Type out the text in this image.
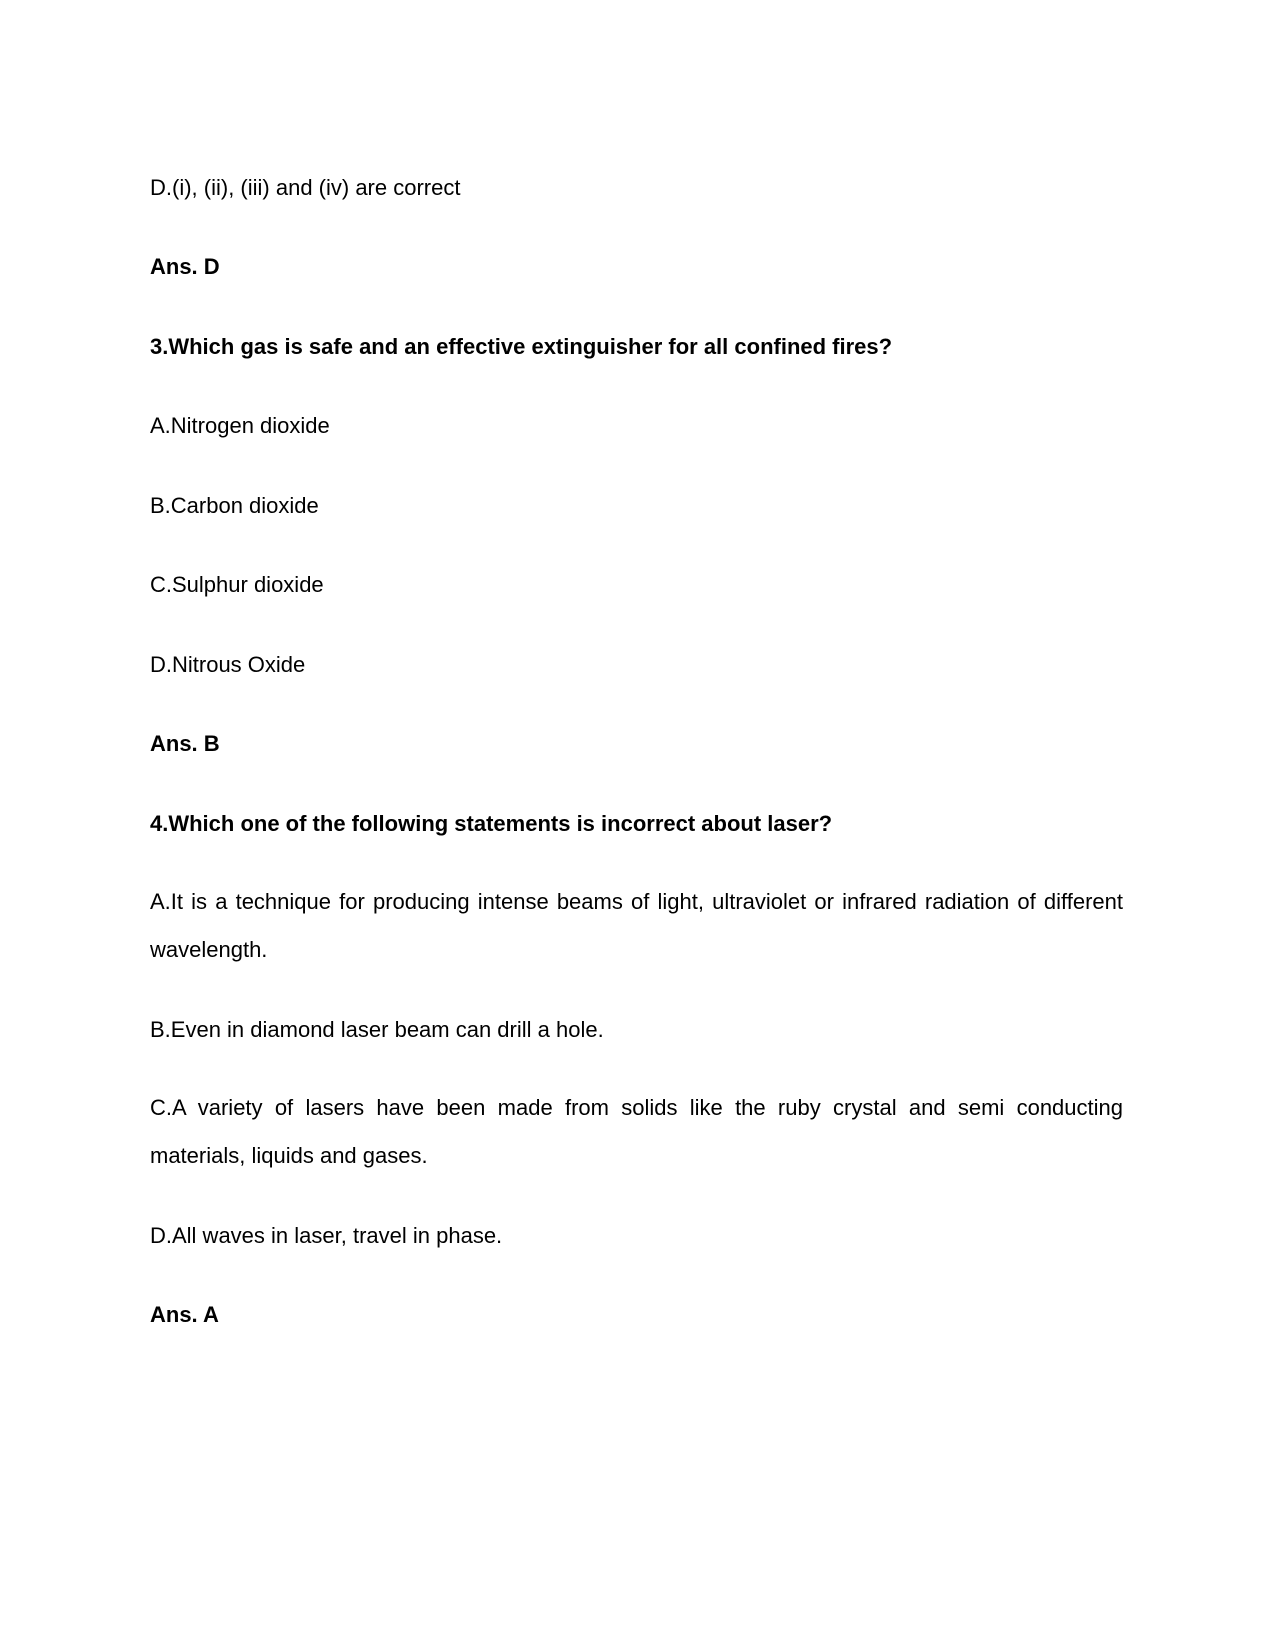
D.(i), (ii), (iii) and (iv) are correct
Ans. D
3.Which gas is safe and an effective extinguisher for all confined fires?
A.Nitrogen dioxide
B.Carbon dioxide
C.Sulphur dioxide
D.Nitrous Oxide
Ans. B
4.Which one of the following statements is incorrect about laser?
A.It is a technique for producing intense beams of light, ultraviolet or infrared radiation of different wavelength.
B.Even in diamond laser beam can drill a hole.
C.A variety of lasers have been made from solids like the ruby crystal and semi conducting materials, liquids and gases.
D.All waves in laser, travel in phase.
Ans. A
